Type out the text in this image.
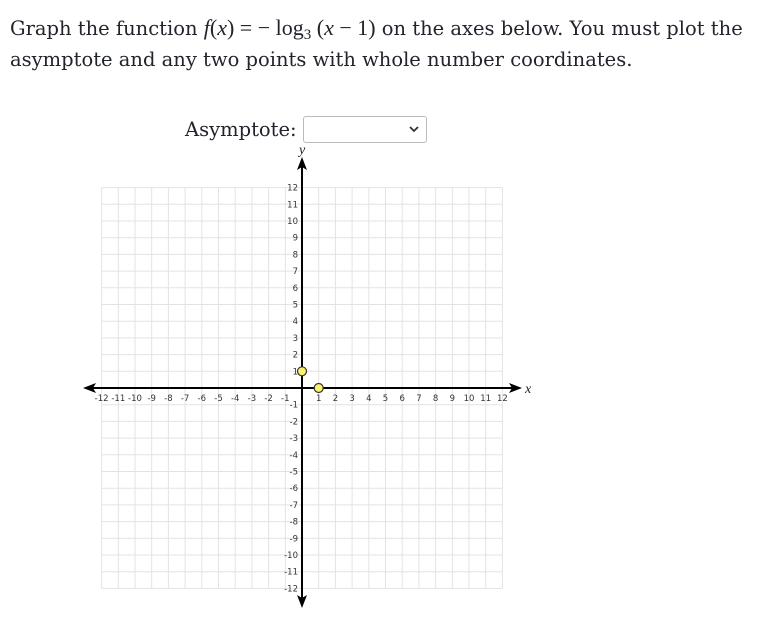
Graph the function f(x) = − $\log_3 (x - 1)$ on the axes below. You must plot the asymptote and any two points with whole number coordinates.

Asymptote:
x
y
-12 -11 -10 -9 -8 -7 -6 -5 -4 -3 -2 -1	1 2 3 4 5 6 7 8 9 10 11 12
12
11
10
9
8
7
6
5
4
3
2
1
-1
-2
-3
-4
-5
-6
-7
-8
-9
-10
-11
-12
